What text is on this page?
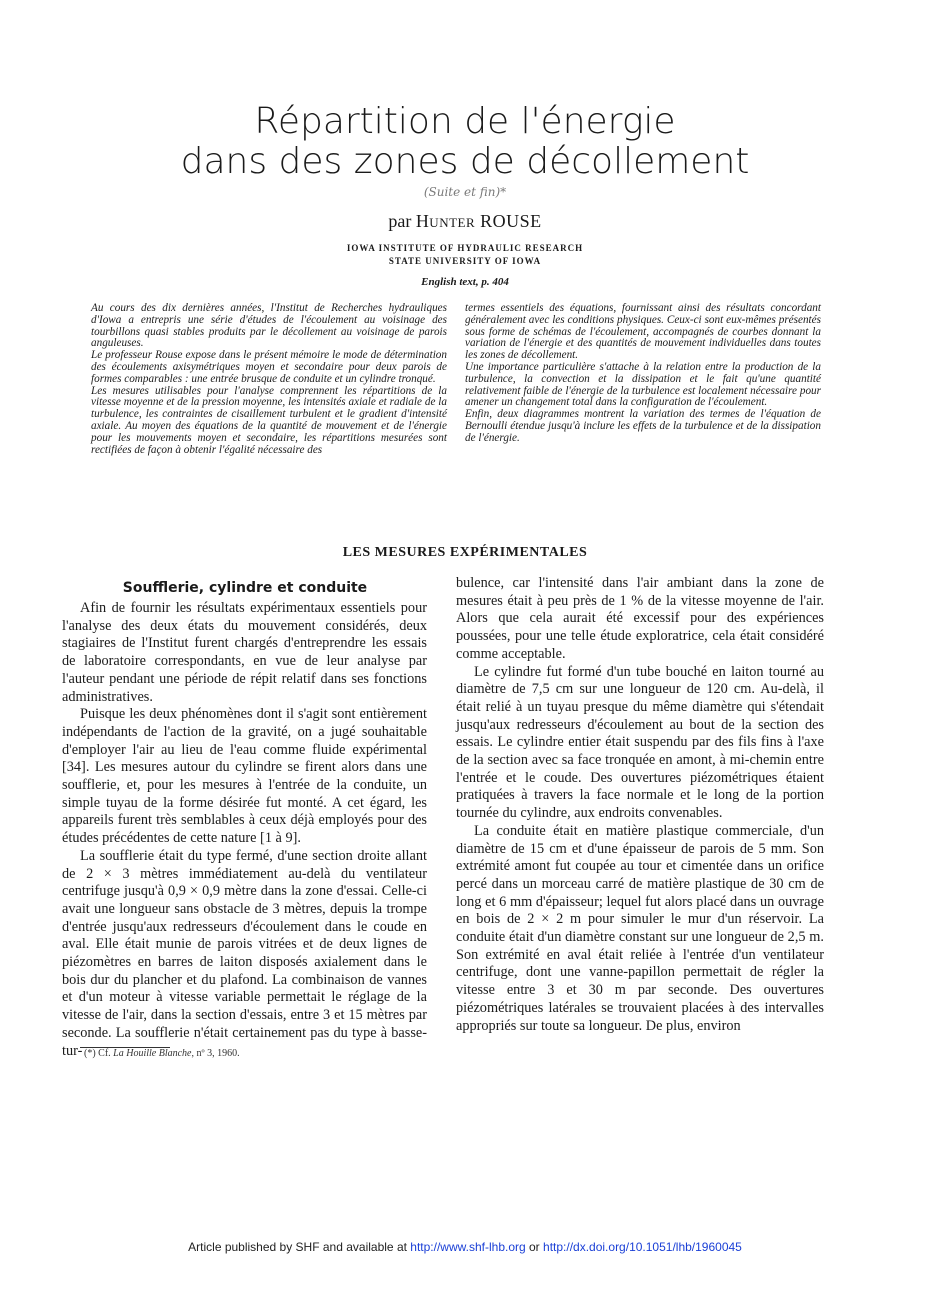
Répartition de l'énergie
dans des zones de décollement
(Suite et fin)*
par Hunter ROUSE
IOWA INSTITUTE OF HYDRAULIC RESEARCH
STATE UNIVERSITY OF IOWA
English text, p. 404

Au cours des dix dernières années, l'Institut de Recherches hydrauliques d'Iowa a entrepris une série d'études de l'écoulement au voisinage des tourbillons quasi stables produits par le décollement au voisinage de parois anguleuses.

Le professeur Rouse expose dans le présent mémoire le mode de détermination des écoulements axisymétriques moyen et secondaire pour deux parois de formes comparables : une entrée brusque de conduite et un cylindre tronqué.

Les mesures utilisables pour l'analyse comprennent les répartitions de la vitesse moyenne et de la pression moyenne, les intensités axiale et radiale de la turbulence, les contraintes de cisaillement turbulent et le gradient d'intensité axiale. Au moyen des équations de la quantité de mouvement et de l'énergie pour les mouvements moyen et secondaire, les répartitions mesurées sont rectifiées de façon à obtenir l'égalité nécessaire des

termes essentiels des équations, fournissant ainsi des résultats concordant généralement avec les conditions physiques. Ceux-ci sont eux-mêmes présentés sous forme de schémas de l'écoulement, accompagnés de courbes donnant la variation de l'énergie et des quantités de mouvement individuelles dans toutes les zones de décollement.

Une importance particulière s'attache à la relation entre la production de la turbulence, la convection et la dissipation et le fait qu'une quantité relativement faible de l'énergie de la turbulence est localement nécessaire pour amener un changement total dans la configuration de l'écoulement.

Enfin, deux diagrammes montrent la variation des termes de l'équation de Bernoulli étendue jusqu'à inclure les effets de la turbulence et de la dissipation de l'énergie.

LES MESURES EXPÉRIMENTALES
Soufflerie, cylindre et conduite

Afin de fournir les résultats expérimentaux essentiels pour l'analyse des deux états du mouvement considérés, deux stagiaires de l'Institut furent chargés d'entreprendre les essais de laboratoire correspondants, en vue de leur analyse par l'auteur pendant une période de répit relatif dans ses fonctions administratives.

Puisque les deux phénomènes dont il s'agit sont entièrement indépendants de l'action de la gravité, on a jugé souhaitable d'employer l'air au lieu de l'eau comme fluide expérimental [34]. Les mesures autour du cylindre se firent alors dans une soufflerie, et, pour les mesures à l'entrée de la conduite, un simple tuyau de la forme désirée fut monté. A cet égard, les appareils furent très semblables à ceux déjà employés pour des études précédentes de cette nature [1 à 9].

La soufflerie était du type fermé, d'une section droite allant de 2 × 3 mètres immédiatement au-delà du ventilateur centrifuge jusqu'à 0,9 × 0,9 mètre dans la zone d'essai. Celle-ci avait une longueur sans obstacle de 3 mètres, depuis la trompe d'entrée jusqu'aux redresseurs d'écoulement dans le coude en aval. Elle était munie de parois vitrées et de deux lignes de piézomètres en barres de laiton disposés axialement dans le bois dur du plancher et du plafond. La combinaison de vannes et d'un moteur à vitesse variable permettait le réglage de la vitesse de l'air, dans la section d'essais, entre 3 et 15 mètres par seconde. La soufflerie n'était certainement pas du type à basse-tur-

bulence, car l'intensité dans l'air ambiant dans la zone de mesures était à peu près de 1 % de la vitesse moyenne de l'air. Alors que cela aurait été excessif pour des expériences poussées, pour une telle étude exploratrice, cela était considéré comme acceptable.

Le cylindre fut formé d'un tube bouché en laiton tourné au diamètre de 7,5 cm sur une longueur de 120 cm. Au-delà, il était relié à un tuyau presque du même diamètre qui s'étendait jusqu'aux redresseurs d'écoulement au bout de la section des essais. Le cylindre entier était suspendu par des fils fins à l'axe de la section avec sa face tronquée en amont, à mi-chemin entre l'entrée et le coude. Des ouvertures piézométriques étaient pratiquées à travers la face normale et le long de la portion tournée du cylindre, aux endroits convenables.

La conduite était en matière plastique commerciale, d'un diamètre de 15 cm et d'une épaisseur de parois de 5 mm. Son extrémité amont fut coupée au tour et cimentée dans un orifice percé dans un morceau carré de matière plastique de 30 cm de long et 6 mm d'épaisseur; lequel fut alors placé dans un ouvrage en bois de 2 × 2 m pour simuler le mur d'un réservoir. La conduite était d'un diamètre constant sur une longueur de 2,5 m. Son extrémité en aval était reliée à l'entrée d'un ventilateur centrifuge, dont une vanne-papillon permettait de régler la vitesse entre 3 et 30 m par seconde. Des ouvertures piézométriques latérales se trouvaient placées à des intervalles appropriés sur toute sa longueur. De plus, environ

(*) Cf. La Houille Blanche, nº 3, 1960.
Article published by SHF and available at http://www.shf-lhb.org or http://dx.doi.org/10.1051/lhb/1960045
